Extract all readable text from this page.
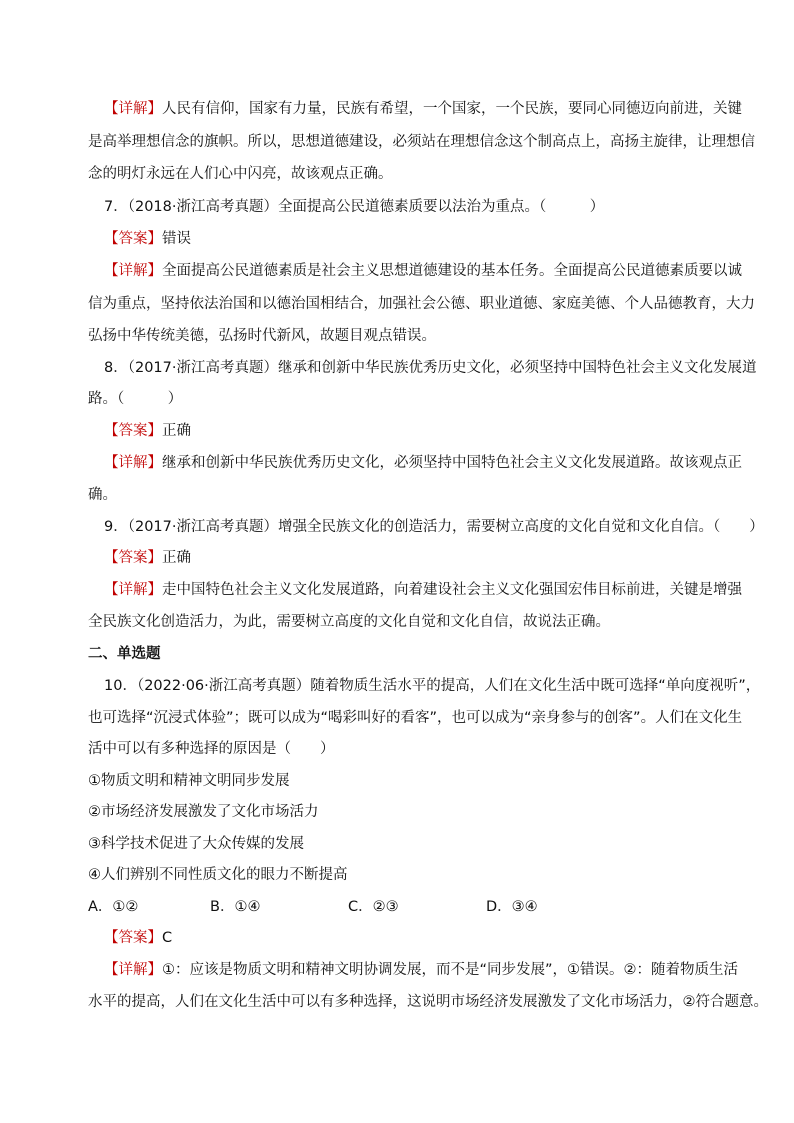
【详解】人民有信仰，国家有力量，民族有希望，一个国家，一个民族，要同心同德迈向前进，关键
是高举理想信念的旗帜。所以，思想道德建设，必须站在理想信念这个制高点上，高扬主旋律，让理想信
念的明灯永远在人们心中闪亮，故该观点正确。
7．（2018·浙江高考真题）全面提高公民道德素质要以法治为重点。（　　　）
【答案】错误
【详解】全面提高公民道德素质是社会主义思想道德建设的基本任务。全面提高公民道德素质要以诚
信为重点，坚持依法治国和以德治国相结合，加强社会公德、职业道德、家庭美德、个人品德教育，大力
弘扬中华传统美德，弘扬时代新风，故题目观点错误。
8．（2017·浙江高考真题）继承和创新中华民族优秀历史文化，必须坚持中国特色社会主义文化发展道
路。（　　　）
【答案】正确
【详解】继承和创新中华民族优秀历史文化，必须坚持中国特色社会主义文化发展道路。故该观点正
确。
9．（2017·浙江高考真题）增强全民族文化的创造活力，需要树立高度的文化自觉和文化自信。（　　）
【答案】正确
【详解】走中国特色社会主义文化发展道路，向着建设社会主义文化强国宏伟目标前进，关键是增强
全民族文化创造活力，为此，需要树立高度的文化自觉和文化自信，故说法正确。
二、单选题
10．（2022·06·浙江高考真题）随着物质生活水平的提高，人们在文化生活中既可选择“单向度视听”，
也可选择“沉浸式体验”；既可以成为“喝彩叫好的看客”，也可以成为“亲身参与的创客”。人们在文化生
活中可以有多种选择的原因是（　　）
①物质文明和精神文明同步发展
②市场经济发展激发了文化市场活力
③科学技术促进了大众传媒的发展
④人们辨别不同性质文化的眼力不断提高
A．①②	B．①④	C．②③	D．③④
【答案】C
【详解】①：应该是物质文明和精神文明协调发展，而不是“同步发展”，①错误。②：随着物质生活
水平的提高，人们在文化生活中可以有多种选择，这说明市场经济发展激发了文化市场活力，②符合题意。
